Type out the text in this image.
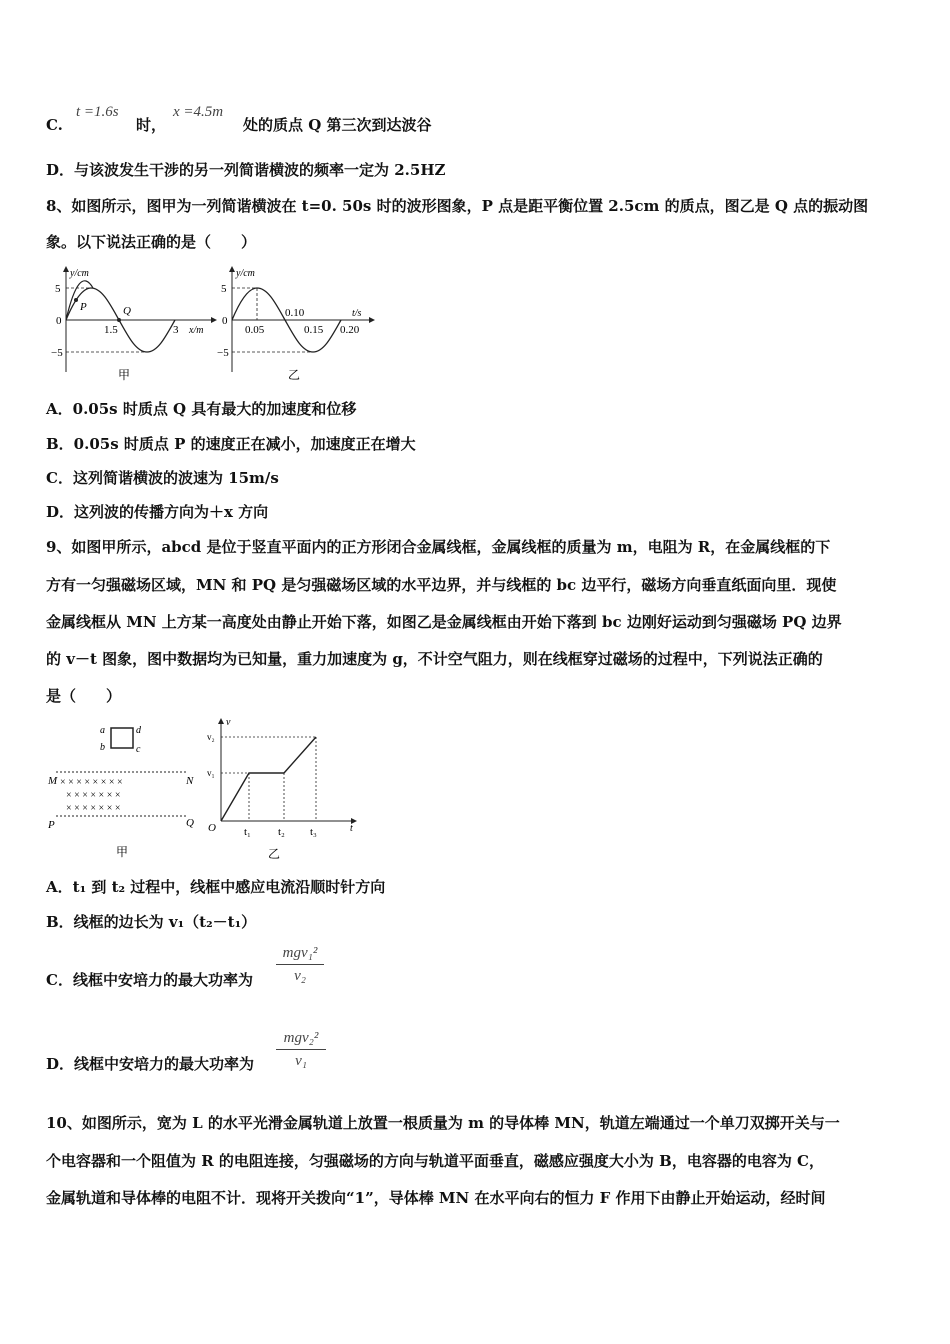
C.
t =1.6s
时，
x =4.5m
处的质点 Q 第三次到达波谷
D．与该波发生干涉的另一列简谐横波的频率一定为 2.5HZ
8、如图所示，图甲为一列简谐横波在 t=0. 50s 时的波形图象，P 点是距平衡位置 2.5cm 的质点，图乙是 Q 点的振动图
象。以下说法正确的是（　　）
y/cm
5
−5
0
P	Q
1.5	3 x/m
甲
y/cm
5
−5
0
0.05
0.10
0.15 0.20
t/s
乙
A．0.05s 时质点 Q 具有最大的加速度和位移
B．0.05s 时质点 P 的速度正在减小，加速度正在增大
C．这列简谐横波的波速为 15m/s
D．这列波的传播方向为＋x 方向
9、如图甲所示，abcd 是位于竖直平面内的正方形闭合金属线框，金属线框的质量为 m，电阻为 R，在金属线框的下
方有一匀强磁场区域，MN 和 PQ 是匀强磁场区域的水平边界，并与线框的 bc 边平行，磁场方向垂直纸面向里．现使
金属线框从 MN 上方某一高度处由静止开始下落，如图乙是金属线框由开始下落到 bc 边刚好运动到匀强磁场 PQ 边界
的 v－t 图象，图中数据均为已知量，重力加速度为 g，不计空气阻力，则在线框穿过磁场的过程中，下列说法正确的
是（　　）
a	d
b	c
M	N
P	Q
× × × × × × × ×
× × × × × × ×
× × × × × × ×
甲
v
t
O
v₁
v₂
t₁ t₂ t₃
乙
A．t₁ 到 t₂ 过程中，线框中感应电流沿顺时针方向
B．线框的边长为 v₁（t₂－t₁）
C．线框中安培力的最大功率为
mgv₁²
v₂
D．线框中安培力的最大功率为
mgv₂²
v₁
10、如图所示，宽为 L 的水平光滑金属轨道上放置一根质量为 m 的导体棒 MN，轨道左端通过一个单刀双掷开关与一
个电容器和一个阻值为 R 的电阻连接，匀强磁场的方向与轨道平面垂直，磁感应强度大小为 B，电容器的电容为 C，
金属轨道和导体棒的电阻不计．现将开关拨向“1”，导体棒 MN 在水平向右的恒力 F 作用下由静止开始运动，经时间
